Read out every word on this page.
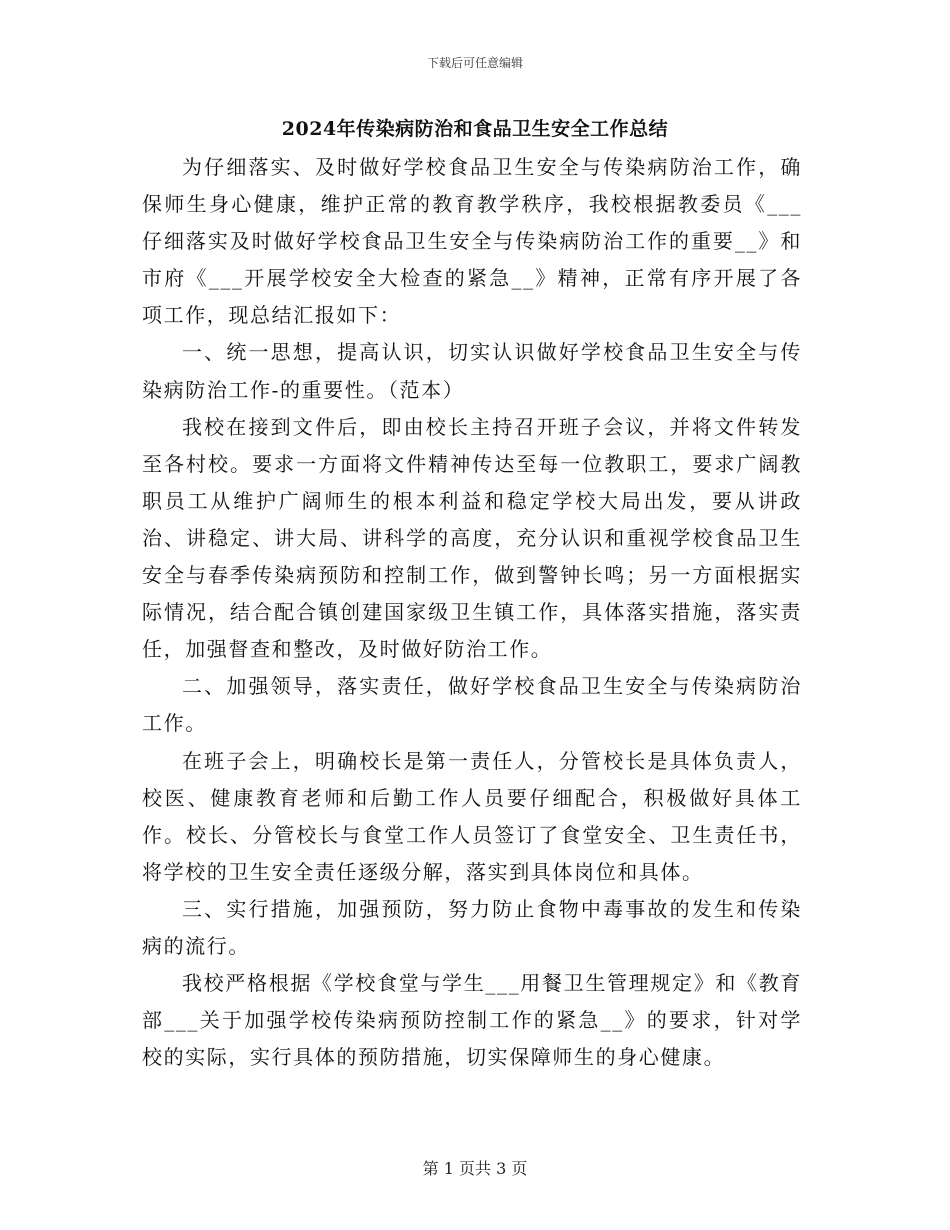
下载后可任意编辑
2024年传染病防治和食品卫生安全工作总结

为仔细落实、及时做好学校食品卫生安全与传染病防治工作，确保师生身心健康，维护正常的教育教学秩序，我校根据教委员《___仔细落实及时做好学校食品卫生安全与传染病防治工作的重要__》和市府《___开展学校安全大检查的紧急__》精神，正常有序开展了各项工作，现总结汇报如下：

一、统一思想，提高认识，切实认识做好学校食品卫生安全与传染病防治工作-的重要性。（范本）

我校在接到文件后，即由校长主持召开班子会议，并将文件转发至各村校。要求一方面将文件精神传达至每一位教职工，要求广阔教职员工从维护广阔师生的根本利益和稳定学校大局出发，要从讲政治、讲稳定、讲大局、讲科学的高度，充分认识和重视学校食品卫生安全与春季传染病预防和控制工作，做到警钟长鸣；另一方面根据实际情况，结合配合镇创建国家级卫生镇工作，具体落实措施，落实责任，加强督查和整改，及时做好防治工作。

二、加强领导，落实责任，做好学校食品卫生安全与传染病防治工作。

在班子会上，明确校长是第一责任人，分管校长是具体负责人，校医、健康教育老师和后勤工作人员要仔细配合，积极做好具体工作。校长、分管校长与食堂工作人员签订了食堂安全、卫生责任书，将学校的卫生安全责任逐级分解，落实到具体岗位和具体。

三、实行措施，加强预防，努力防止食物中毒事故的发生和传染病的流行。

我校严格根据《学校食堂与学生___用餐卫生管理规定》和《教育部___关于加强学校传染病预防控制工作的紧急__》的要求，针对学校的实际，实行具体的预防措施，切实保障师生的身心健康。

第 1 页共 3 页
